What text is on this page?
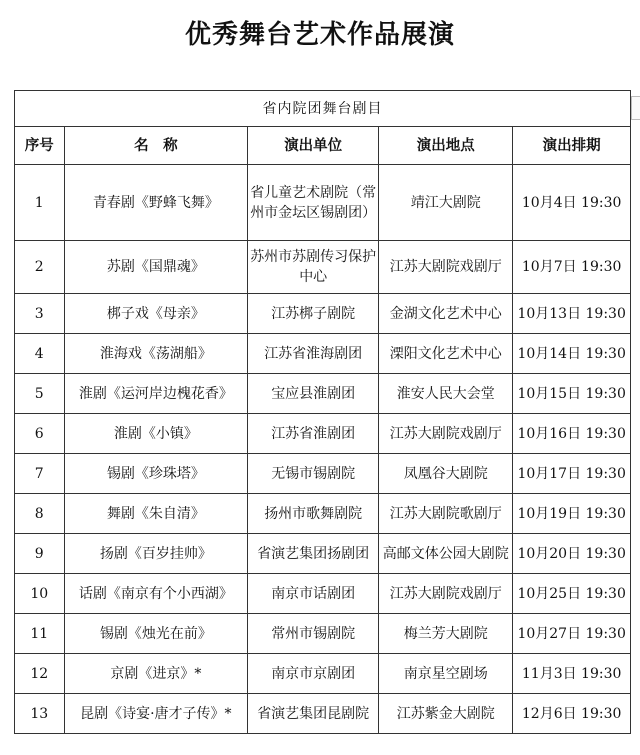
优秀舞台艺术作品展演
省内院团舞台剧目				
序号	名　称	演出单位	演出地点	演出排期
1	青春剧《野蜂飞舞》	省儿童艺术剧院（常州市金坛区锡剧团）	靖江大剧院	10月4日 19:30
2	苏剧《国鼎魂》	苏州市苏剧传习保护中心	江苏大剧院戏剧厅	10月7日 19:30
3	梆子戏《母亲》	江苏梆子剧院	金湖文化艺术中心	10月13日 19:30
4	淮海戏《荡湖船》	江苏省淮海剧团	溧阳文化艺术中心	10月14日 19:30
5	淮剧《运河岸边槐花香》	宝应县淮剧团	淮安人民大会堂	10月15日 19:30
6	淮剧《小镇》	江苏省淮剧团	江苏大剧院戏剧厅	10月16日 19:30
7	锡剧《珍珠塔》	无锡市锡剧院	凤凰谷大剧院	10月17日 19:30
8	舞剧《朱自清》	扬州市歌舞剧院	江苏大剧院歌剧厅	10月19日 19:30
9	扬剧《百岁挂帅》	省演艺集团扬剧团	高邮文体公园大剧院	10月20日 19:30
10	话剧《南京有个小西湖》	南京市话剧团	江苏大剧院戏剧厅	10月25日 19:30
11	锡剧《烛光在前》	常州市锡剧院	梅兰芳大剧院	10月27日 19:30
12	京剧《进京》*	南京市京剧团	南京星空剧场	11月3日 19:30
13	昆剧《诗宴·唐才子传》*	省演艺集团昆剧院	江苏紫金大剧院	12月6日 19:30
